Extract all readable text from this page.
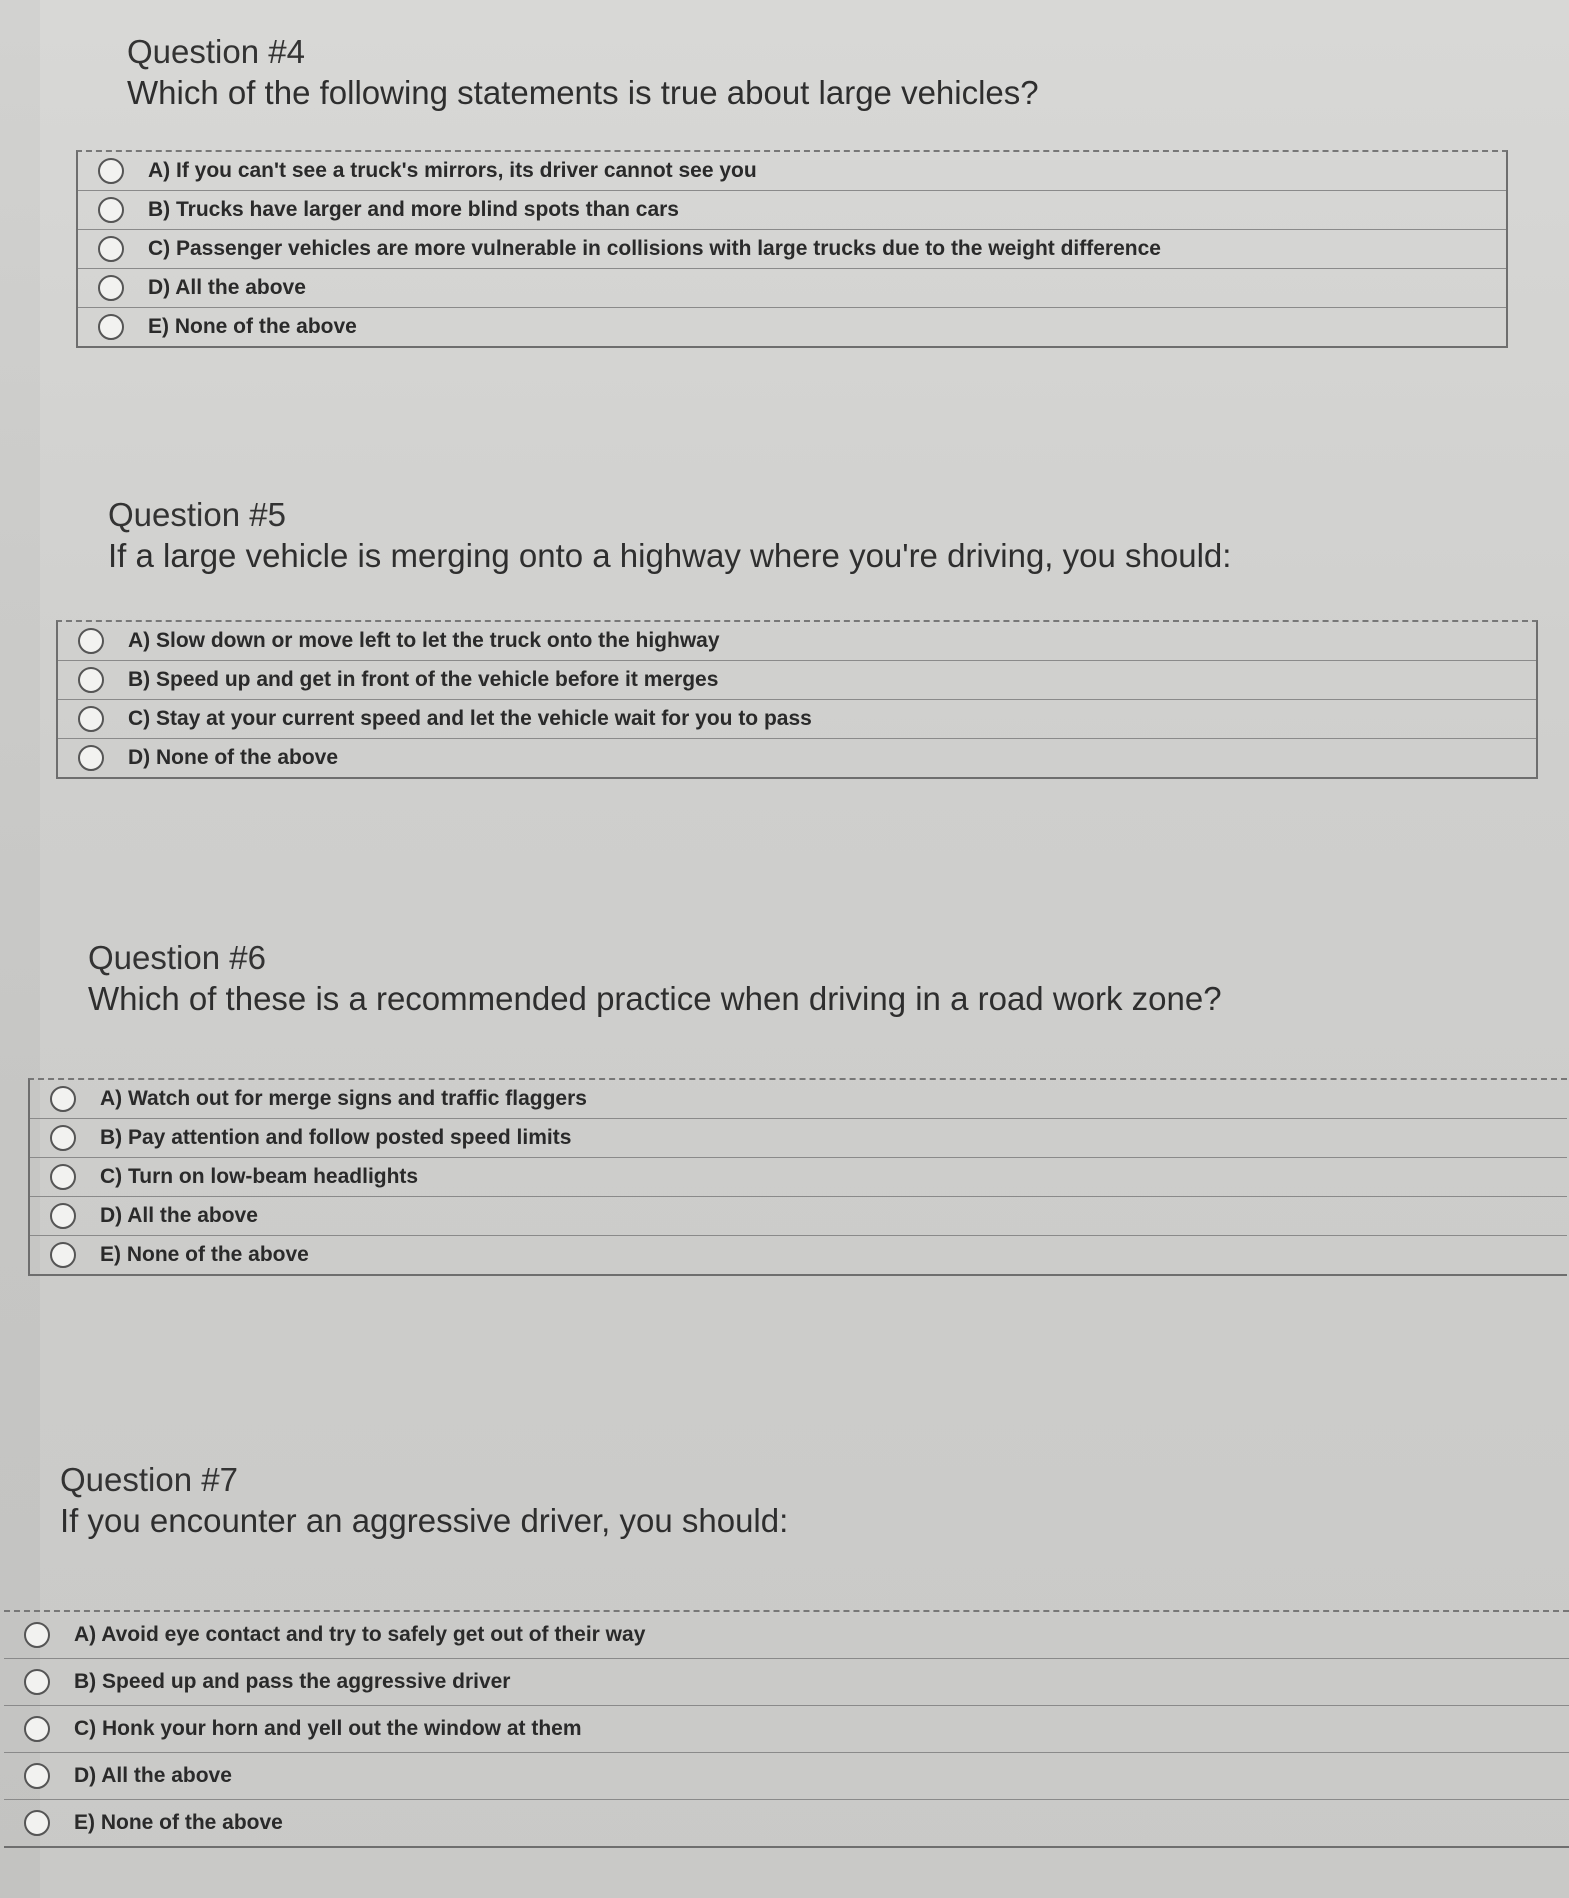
Question #4
Which of the following statements is true about large vehicles?
A) If you can't see a truck's mirrors, its driver cannot see you
B) Trucks have larger and more blind spots than cars
C) Passenger vehicles are more vulnerable in collisions with large trucks due to the weight difference
D) All the above
E) None of the above
Question #5
If a large vehicle is merging onto a highway where you're driving, you should:
A) Slow down or move left to let the truck onto the highway
B) Speed up and get in front of the vehicle before it merges
C) Stay at your current speed and let the vehicle wait for you to pass
D) None of the above
Question #6
Which of these is a recommended practice when driving in a road work zone?
A) Watch out for merge signs and traffic flaggers
B) Pay attention and follow posted speed limits
C) Turn on low-beam headlights
D) All the above
E) None of the above
Question #7
If you encounter an aggressive driver, you should:
A) Avoid eye contact and try to safely get out of their way
B) Speed up and pass the aggressive driver
C) Honk your horn and yell out the window at them
D) All the above
E) None of the above
